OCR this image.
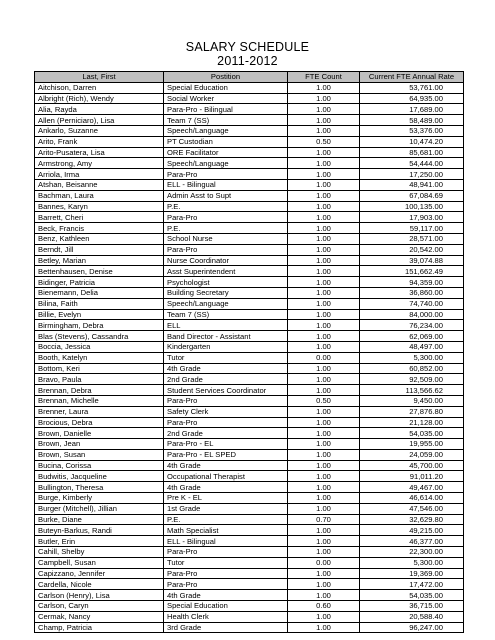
SALARY SCHEDULE
2011-2012
Last, First	Postition	FTE Count	Current FTE Annual Rate
Aitchison, Darren	Special Education	1.00	53,761.00
Albright (Rich), Wendy	Social Worker	1.00	64,935.00
Alia, Rayda	Para-Pro - Bilingual	1.00	17,689.00
Allen (Perniciaro), Lisa	Team 7 (SS)	1.00	58,489.00
Ankarlo, Suzanne	Speech/Language	1.00	53,376.00
Arito, Frank	PT Custodian	0.50	10,474.20
Arito-Pusatera, Lisa	ORE Facilitator	1.00	85,681.00
Armstrong, Amy	Speech/Language	1.00	54,444.00
Arriola, Irma	Para-Pro	1.00	17,250.00
Atshan, Beisanne	ELL - Bilingual	1.00	48,941.00
Bachman, Laura	Admin Asst to Supt	1.00	67,084.69
Bannes, Karyn	P.E.	1.00	100,135.00
Barrett, Cheri	Para-Pro	1.00	17,903.00
Beck, Francis	P.E.	1.00	59,117.00
Benz, Kathleen	School Nurse	1.00	28,571.00
Berndt, Jill	Para-Pro	1.00	20,542.00
Betley, Marian	Nurse Coordinator	1.00	39,074.88
Bettenhausen, Denise	Asst Superintendent	1.00	151,662.49
Bidinger, Patricia	Psychologist	1.00	94,359.00
Bienemann, Delia	Building Secretary	1.00	36,860.00
Bilina, Faith	Speech/Language	1.00	74,740.00
Billie, Evelyn	Team 7 (SS)	1.00	84,000.00
Birmingham, Debra	ELL	1.00	76,234.00
Blas (Stevens), Cassandra	Band Director - Assistant	1.00	62,069.00
Boccia, Jessica	Kindergarten	1.00	48,497.00
Booth, Katelyn	Tutor	0.00	5,300.00
Bottom, Keri	4th Grade	1.00	60,852.00
Bravo, Paula	2nd Grade	1.00	92,509.00
Brennan, Debra	Student Services Coordinator	1.00	113,566.62
Brennan, Michelle	Para-Pro	0.50	9,450.00
Brenner, Laura	Safety Clerk	1.00	27,876.80
Brocious, Debra	Para-Pro	1.00	21,128.00
Brown, Danielle	2nd Grade	1.00	54,035.00
Brown, Jean	Para-Pro - EL	1.00	19,955.00
Brown, Susan	Para-Pro - EL SPED	1.00	24,059.00
Bucina, Corissa	4th Grade	1.00	45,700.00
Budwitis, Jacqueline	Occupational Therapist	1.00	91,011.20
Bullington, Theresa	4th Grade	1.00	49,467.00
Burge, Kimberly	Pre K - EL	1.00	46,614.00
Burger (Mitchell), Jillian	1st Grade	1.00	47,546.00
Burke, Diane	P.E.	0.70	32,629.80
Buteyn-Barkus, Randi	Math Specialist	1.00	49,215.00
Butler, Erin	ELL - Bilingual	1.00	46,377.00
Cahill, Shelby	Para-Pro	1.00	22,300.00
Campbell, Susan	Tutor	0.00	5,300.00
Capizzano, Jennifer	Para-Pro	1.00	19,369.00
Cardella, Nicole	Para-Pro	1.00	17,472.00
Carlson (Henry), Lisa	4th Grade	1.00	54,035.00
Carlson, Caryn	Special Education	0.60	36,715.00
Cermak, Nancy	Health Clerk	1.00	20,588.40
Champ, Patricia	3rd Grade	1.00	96,247.00
